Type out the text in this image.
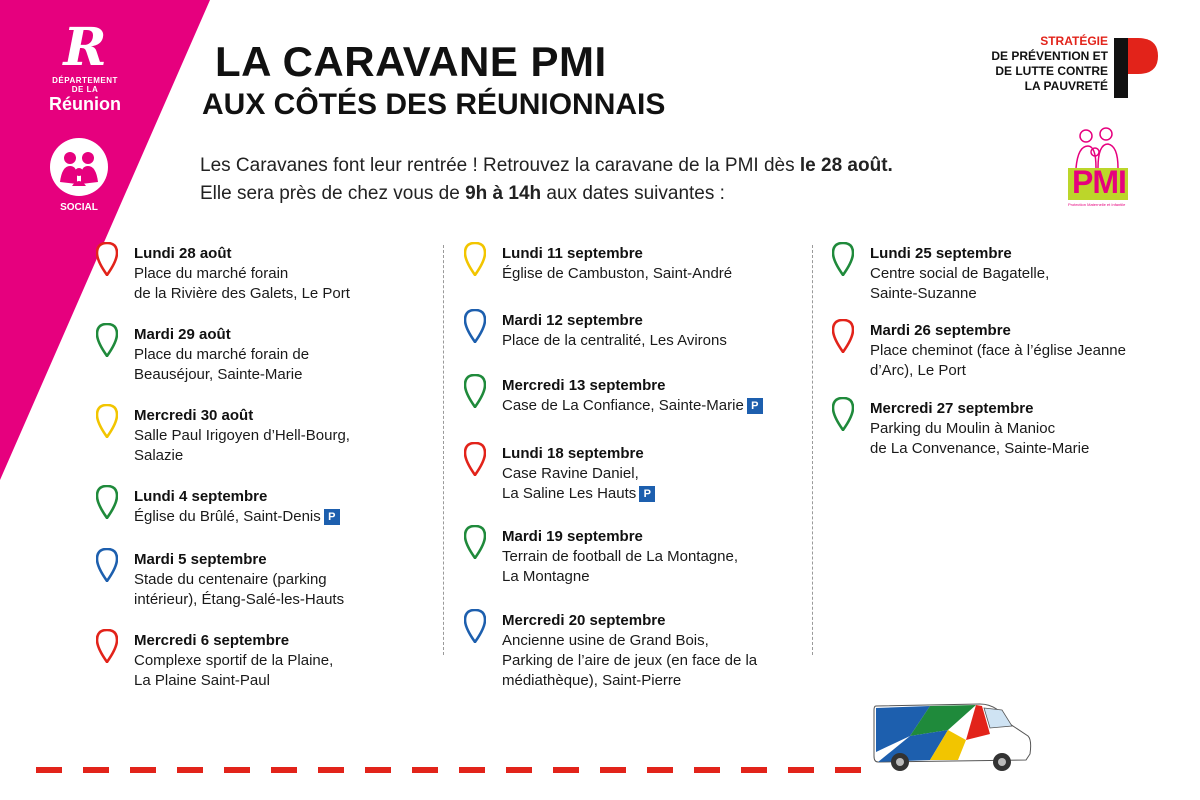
R
DÉPARTEMENT
DE LA
Réunion
SOCIAL
LA CARAVANE PMI
AUX CÔTÉS DES RÉUNIONNAIS
STRATÉGIE
DE PRÉVENTION ET
DE LUTTE CONTRE
LA PAUVRETÉ
PMI
Protection Maternelle et Infantile
Les Caravanes font leur rentrée ! Retrouvez la caravane de la PMI dès le 28 août.
Elle sera près de chez vous de 9h à 14h aux dates suivantes :
Lundi 28 août
Place du marché forain
de la Rivière des Galets, Le Port
Mardi 29 août
Place du marché forain de
Beauséjour, Sainte-Marie
Mercredi 30 août
Salle Paul Irigoyen d’Hell-Bourg,
Salazie
Lundi 4 septembre
Église du Brûlé, Saint-Denis P
Mardi 5 septembre
Stade du centenaire (parking
intérieur), Étang-Salé-les-Hauts
Mercredi 6 septembre
Complexe sportif de la Plaine,
La Plaine Saint-Paul
Lundi 11 septembre
Église de Cambuston, Saint-André
Mardi 12 septembre
Place de la centralité, Les Avirons
Mercredi 13 septembre
Case de La Confiance, Sainte-Marie P
Lundi 18 septembre
Case Ravine Daniel,
La Saline Les Hauts P
Mardi 19 septembre
Terrain de football de La Montagne,
La Montagne
Mercredi 20 septembre
Ancienne usine de Grand Bois,
Parking de l’aire de jeux (en face de la
médiathèque), Saint-Pierre
Lundi 25 septembre
Centre social de Bagatelle,
Sainte-Suzanne
Mardi 26 septembre
Place cheminot (face à l’église Jeanne
d’Arc), Le Port
Mercredi 27 septembre
Parking du Moulin à Manioc
de La Convenance, Sainte-Marie
